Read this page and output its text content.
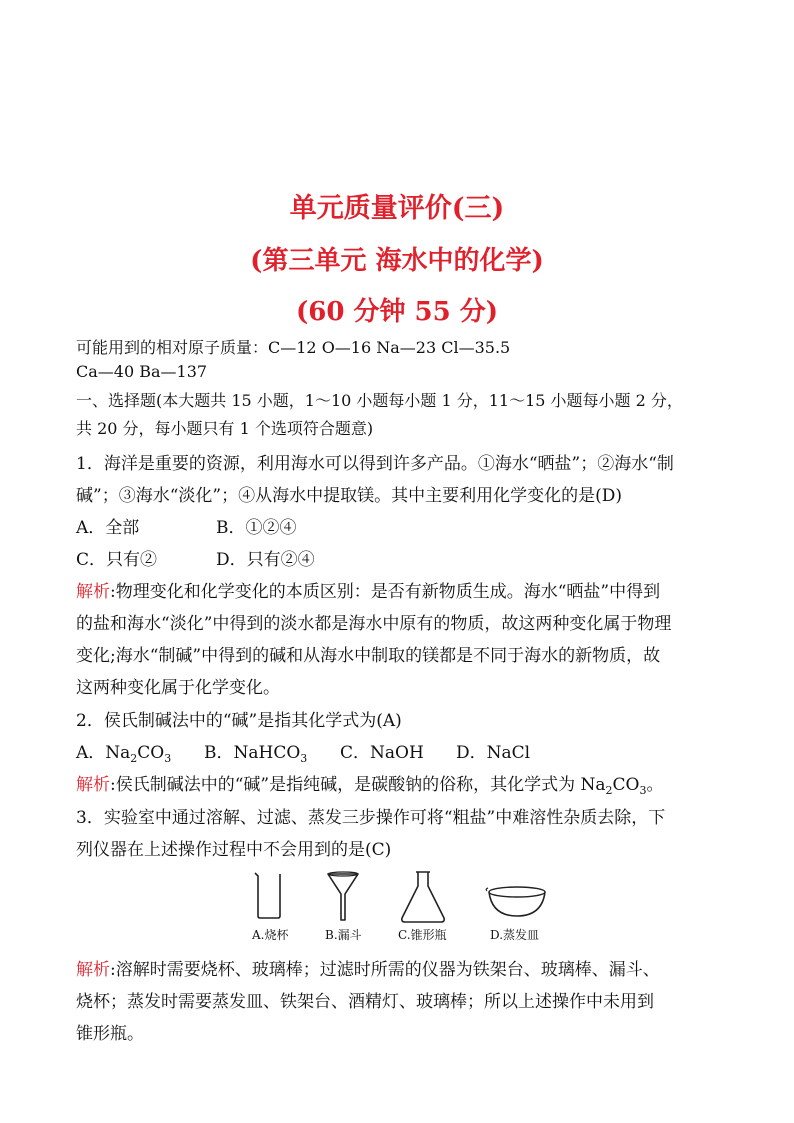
单元质量评价(三)
(第三单元 海水中的化学)
(60 分钟 55 分)
可能用到的相对原子质量：C—12 O—16 Na—23 Cl—35.5
Ca—40 Ba—137
一、选择题(本大题共 15 小题，1～10 小题每小题 1 分，11～15 小题每小题 2 分，
共 20 分，每小题只有 1 个选项符合题意)
1．海洋是重要的资源，利用海水可以得到许多产品。①海水“晒盐”；②海水“制
碱”；③海水“淡化”；④从海水中提取镁。其中主要利用化学变化的是(D)
A．全部	B．①②④
C．只有②	D．只有②④
解析:物理变化和化学变化的本质区别：是否有新物质生成。海水“晒盐”中得到
的盐和海水“淡化”中得到的淡水都是海水中原有的物质，故这两种变化属于物理
变化;海水“制碱”中得到的碱和从海水中制取的镁都是不同于海水的新物质，故
这两种变化属于化学变化。
2．侯氏制碱法中的“碱”是指其化学式为(A)
A．$Na_2CO_3$ B．NaHCO$_3$ C．NaOH D．NaCl
解析:侯氏制碱法中的“碱”是指纯碱，是碳酸钠的俗称，其化学式为 $Na_2CO_3$。
3．实验室中通过溶解、过滤、蒸发三步操作可将“粗盐”中难溶性杂质去除，下
列仪器在上述操作过程中不会用到的是(C)
A.烧杯	B.漏斗	C.锥形瓶	D.蒸发皿
解析:溶解时需要烧杯、玻璃棒；过滤时所需的仪器为铁架台、玻璃棒、漏斗、
烧杯；蒸发时需要蒸发皿、铁架台、酒精灯、玻璃棒；所以上述操作中未用到
锥形瓶。
